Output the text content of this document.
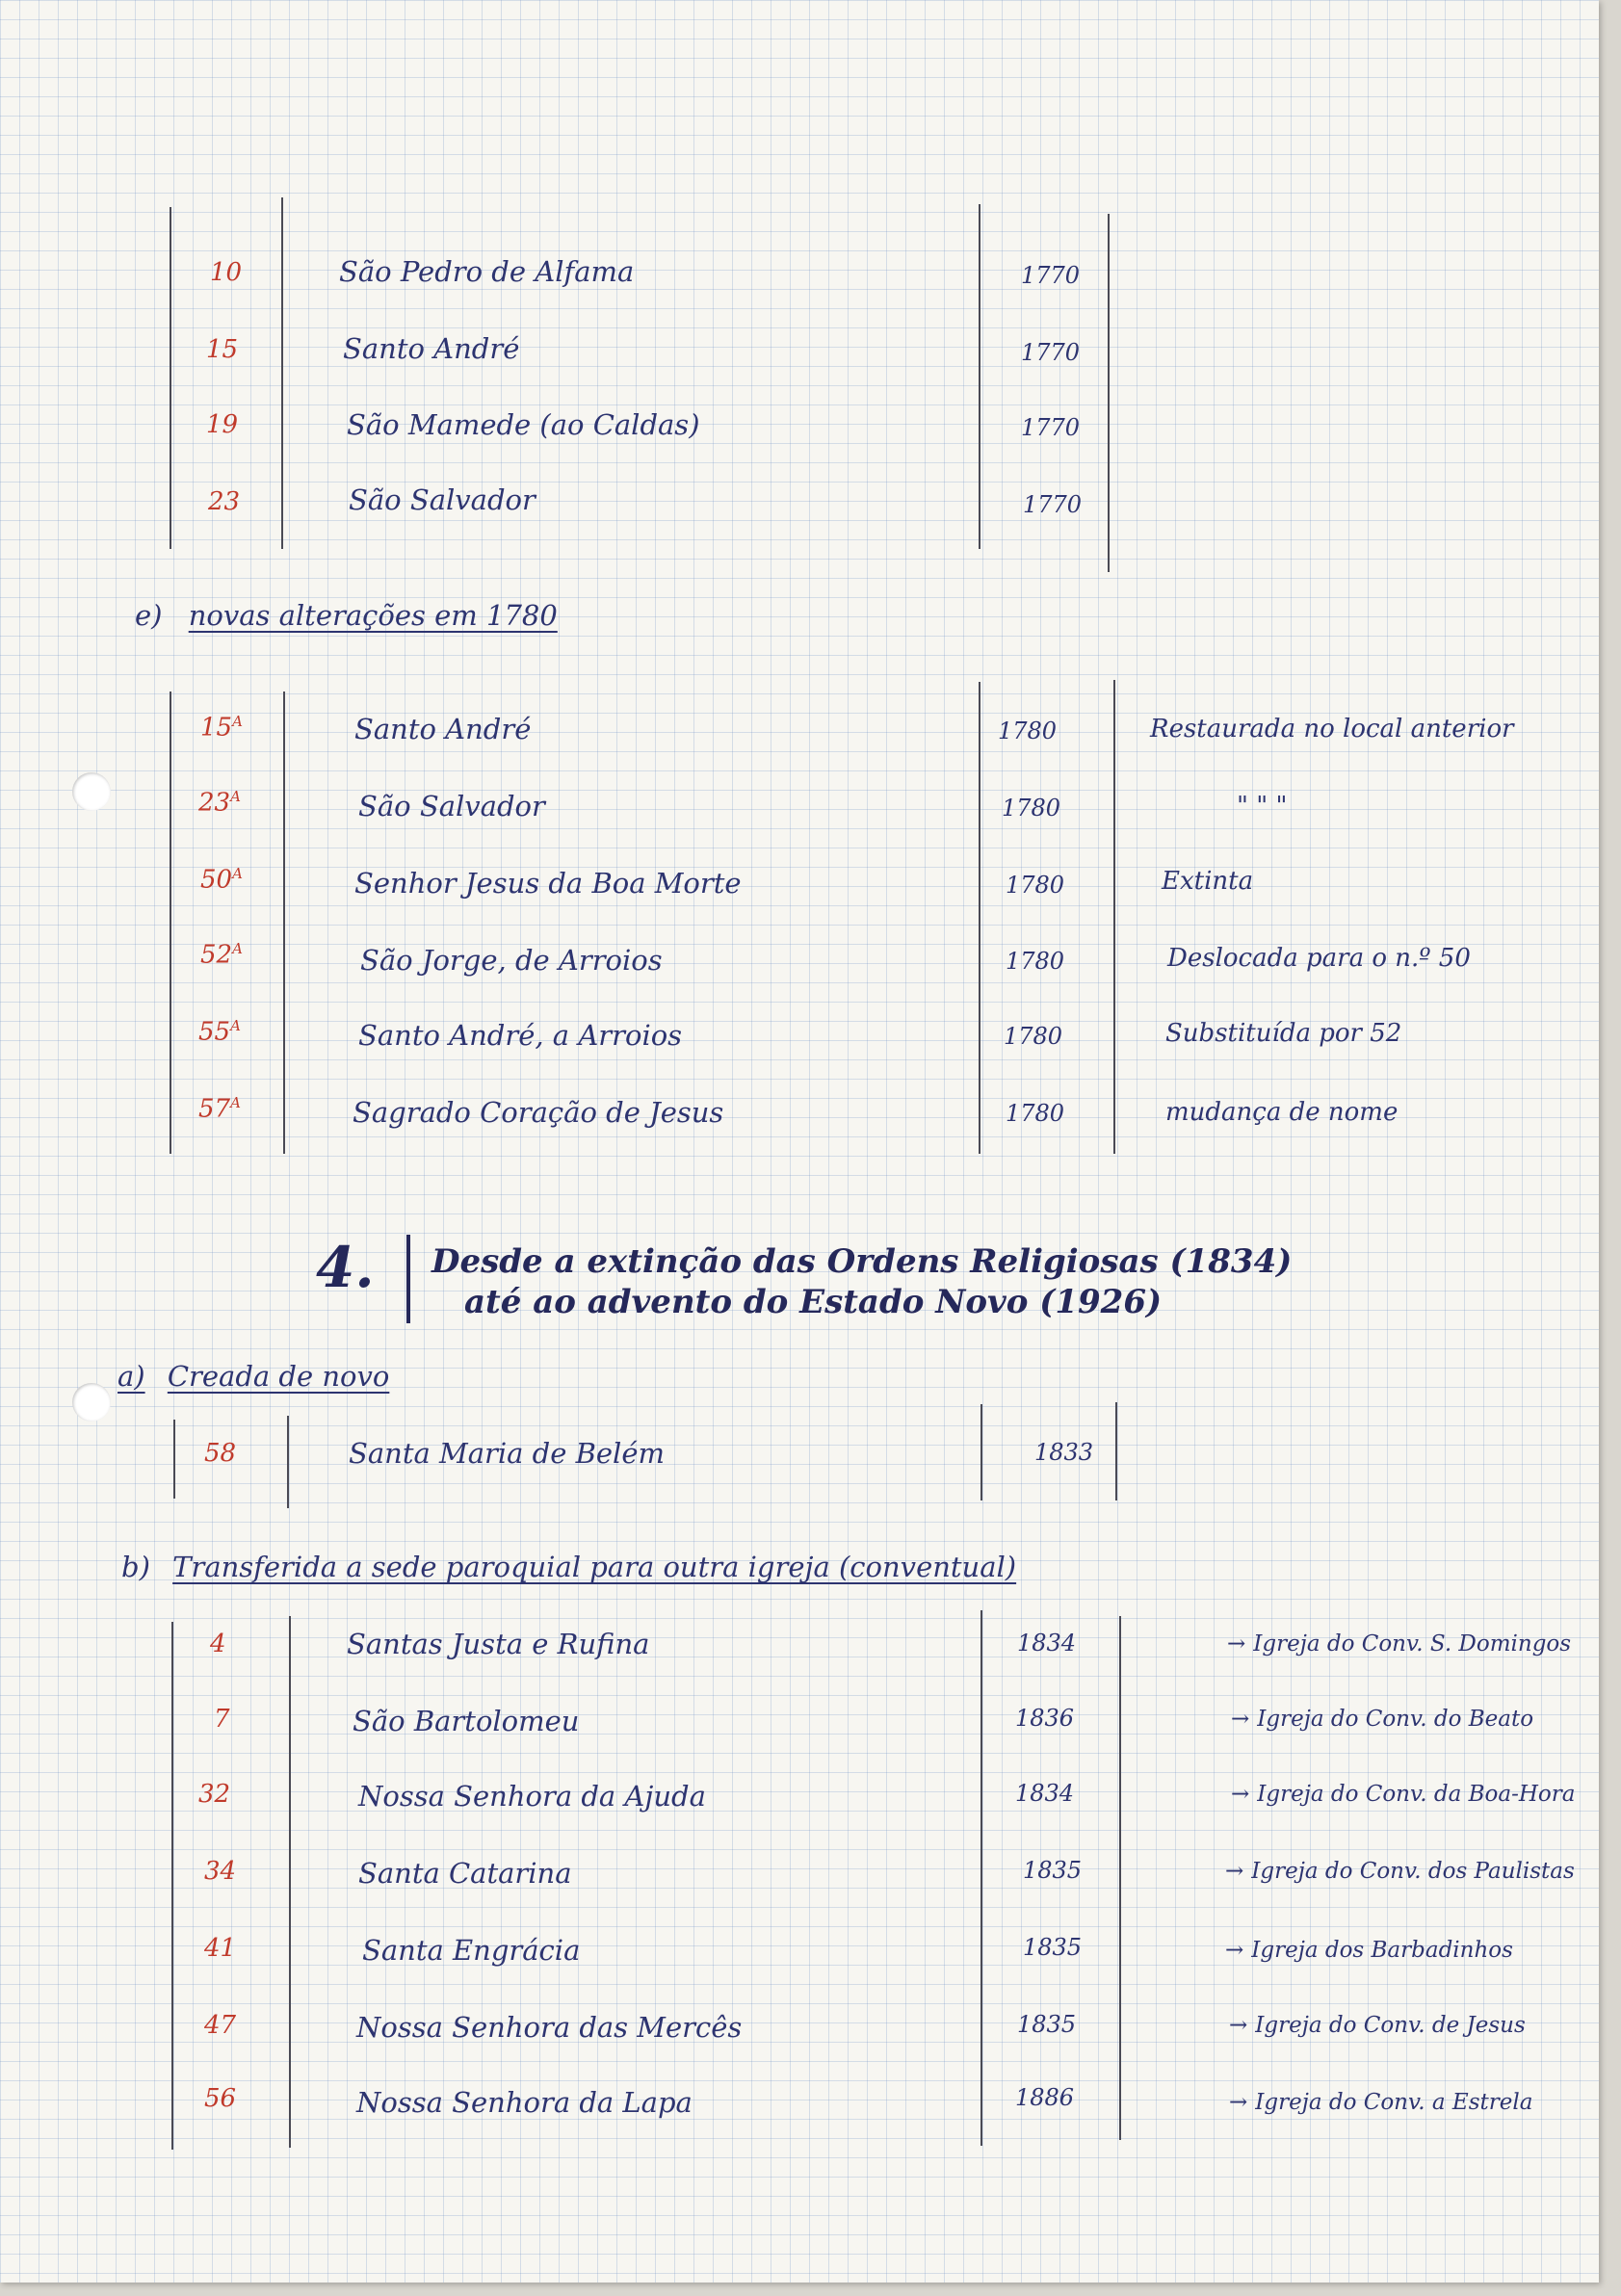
10	São Pedro de Alfama	1770
15	Santo André	1770
19	São Mamede (ao Caldas)	1770
23	São Salvador	1770
e) novas alterações em 1780
$15^A$	Santo André	1780	Restaurada no local anterior
$23^A$	São Salvador	1780	" " "
$50^A$	Senhor Jesus da Boa Morte	1780	Extinta
$52^A$	São Jorge, de Arroios	1780	Deslocada para o n.º 50
$55^A$	Santo André, a Arroios	1780	Substituída por 52
$57^A$	Sagrado Coração de Jesus	1780	mudança de nome
4. Desde a extinção das Ordens Religiosas (1834)
até ao advento do Estado Novo (1926)
a) Creada de novo
58	Santa Maria de Belém	1833
b) Transferida a sede paroquial para outra igreja (conventual)
4	Santas Justa e Rufina	1834	→ Igreja do Conv. S. Domingos
7	São Bartolomeu	1836	→ Igreja do Conv. do Beato
32	Nossa Senhora da Ajuda	1834	→ Igreja do Conv. da Boa-Hora
34	Santa Catarina	1835	→ Igreja do Conv. dos Paulistas
41	Santa Engrácia	1835	→ Igreja dos Barbadinhos
47	Nossa Senhora das Mercês	1835	→ Igreja do Conv. de Jesus
56	Nossa Senhora da Lapa	1886	→ Igreja do Conv. a Estrela
